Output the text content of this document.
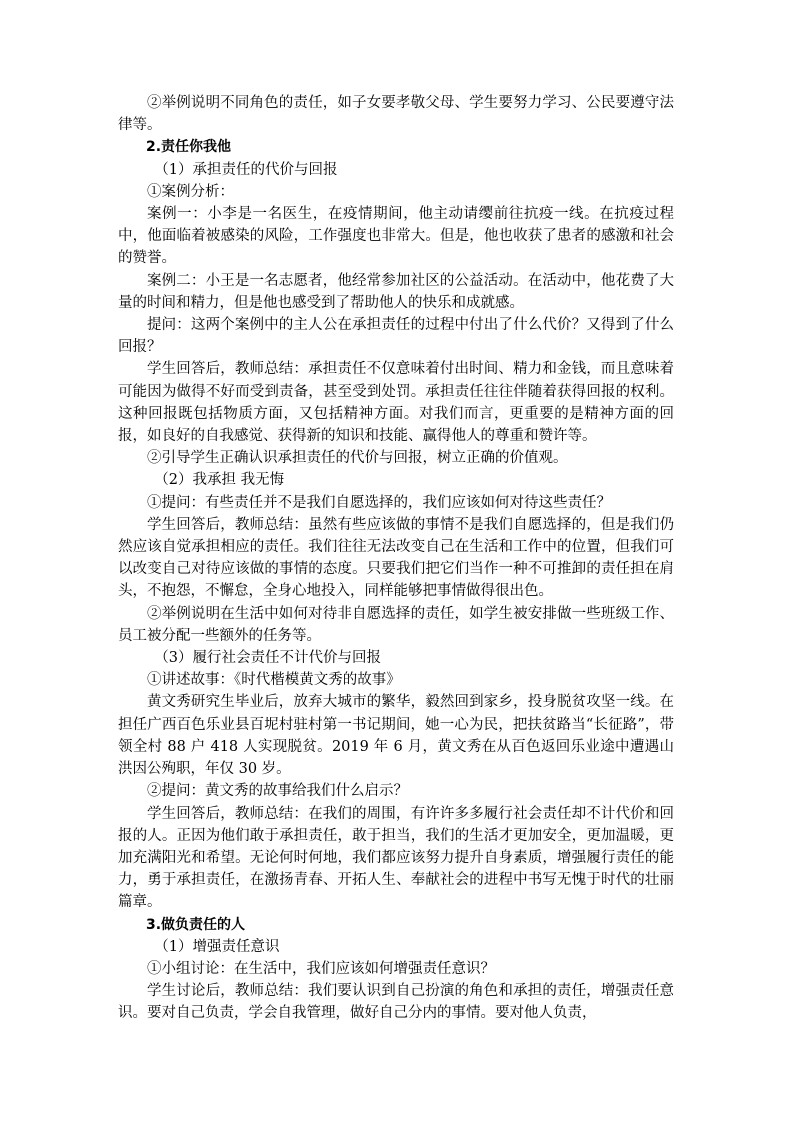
②举例说明不同角色的责任，如子女要孝敬父母、学生要努力学习、公民要遵守法律等。

2.责任你我他

（1）承担责任的代价与回报

①案例分析：

案例一：小李是一名医生，在疫情期间，他主动请缨前往抗疫一线。在抗疫过程中，他面临着被感染的风险，工作强度也非常大。但是，他也收获了患者的感激和社会的赞誉。

案例二：小王是一名志愿者，他经常参加社区的公益活动。在活动中，他花费了大量的时间和精力，但是他也感受到了帮助他人的快乐和成就感。

提问：这两个案例中的主人公在承担责任的过程中付出了什么代价？又得到了什么回报？

学生回答后，教师总结：承担责任不仅意味着付出时间、精力和金钱，而且意味着可能因为做得不好而受到责备，甚至受到处罚。承担责任往往伴随着获得回报的权利。这种回报既包括物质方面，又包括精神方面。对我们而言，更重要的是精神方面的回报，如良好的自我感觉、获得新的知识和技能、赢得他人的尊重和赞许等。

②引导学生正确认识承担责任的代价与回报，树立正确的价值观。

（2）我承担 我无悔

①提问：有些责任并不是我们自愿选择的，我们应该如何对待这些责任？

学生回答后，教师总结：虽然有些应该做的事情不是我们自愿选择的，但是我们仍然应该自觉承担相应的责任。我们往往无法改变自己在生活和工作中的位置，但我们可以改变自己对待应该做的事情的态度。只要我们把它们当作一种不可推卸的责任担在肩头，不抱怨，不懈怠，全身心地投入，同样能够把事情做得很出色。

②举例说明在生活中如何对待非自愿选择的责任，如学生被安排做一些班级工作、员工被分配一些额外的任务等。

（3）履行社会责任不计代价与回报

①讲述故事：《时代楷模黄文秀的故事》

黄文秀研究生毕业后，放弃大城市的繁华，毅然回到家乡，投身脱贫攻坚一线。在担任广西百色乐业县百坭村驻村第一书记期间，她一心为民，把扶贫路当“长征路”，带领全村 88 户 418 人实现脱贫。2019 年 6 月，黄文秀在从百色返回乐业途中遭遇山洪因公殉职，年仅 30 岁。

②提问：黄文秀的故事给我们什么启示？

学生回答后，教师总结：在我们的周围，有许许多多履行社会责任却不计代价和回报的人。正因为他们敢于承担责任，敢于担当，我们的生活才更加安全，更加温暖，更加充满阳光和希望。无论何时何地，我们都应该努力提升自身素质，增强履行责任的能力，勇于承担责任，在激扬青春、开拓人生、奉献社会的进程中书写无愧于时代的壮丽篇章。

3.做负责任的人

（1）增强责任意识

①小组讨论：在生活中，我们应该如何增强责任意识？

学生讨论后，教师总结：我们要认识到自己扮演的角色和承担的责任，增强责任意识。要对自己负责，学会自我管理，做好自己分内的事情。要对他人负责，
